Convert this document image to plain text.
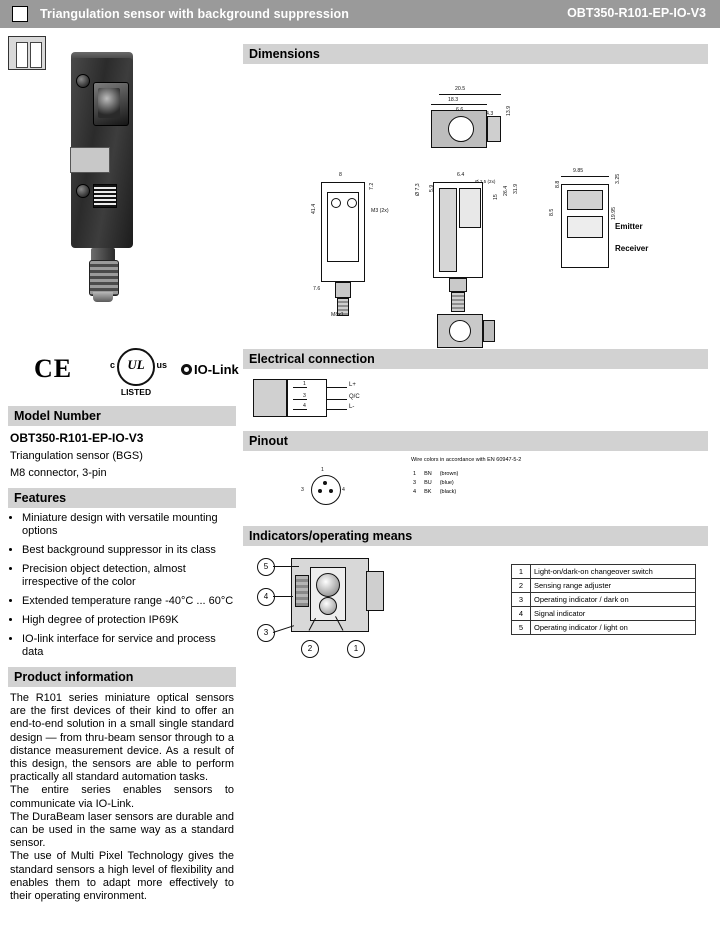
Triangulation sensor with background suppression	OBT350-R101-EP-IO-V3
CE	UL
c	us
LISTED
IO-Link
Model Number
OBT350-R101-EP-IO-V3

Triangulation sensor (BGS)

M8 connector, 3-pin

Features
• Miniature design with versatile mounting options
• Best background suppressor in its class
• Precision object detection, almost irrespective of the color
• Extended temperature range -40°C ... 60°C
• High degree of protection IP69K
• IO-link interface for service and process data
Product information

The R101 series miniature optical sensors are the first devices of their kind to offer an end-to-end solution in a small single standard design — from thru-beam sensor through to a distance measurement device. As a result of this design, the sensors are able to perform practically all standard automation tasks.

The entire series enables sensors to communicate via IO-Link.

The DuraBeam laser sensors are durable and can be used in the same way as a standard sensor.

The use of Multi Pixel Technology gives the standard sensors a high level of flexibility and enables them to adapt more effectively to their operating environment.

Dimensions
20.5
18.3
6.6
4.3 13.9
8
7.2
M3 (2x)
41.4
7.6
M8x1
6.4
Ø 2,5 (2x)
5.9
Ø 7,3
15
26.4 31.9
9.85
3.25
8.8
8.5	19.95
Emitter
Receiver
Electrical connection
1
3
4
L+
Q/C
L-
Pinout
Wire colors in accordance with EN 60947-5-2
1
3	4
1	BN	(brown)
3	BU	(blue)
4	BK	(black)
Indicators/operating means
5
4
3
2	1
1	Light-on/dark-on changeover switch
2	Sensing range adjuster
3	Operating indicator / dark on
4	Signal indicator
5	Operating indicator / light on
